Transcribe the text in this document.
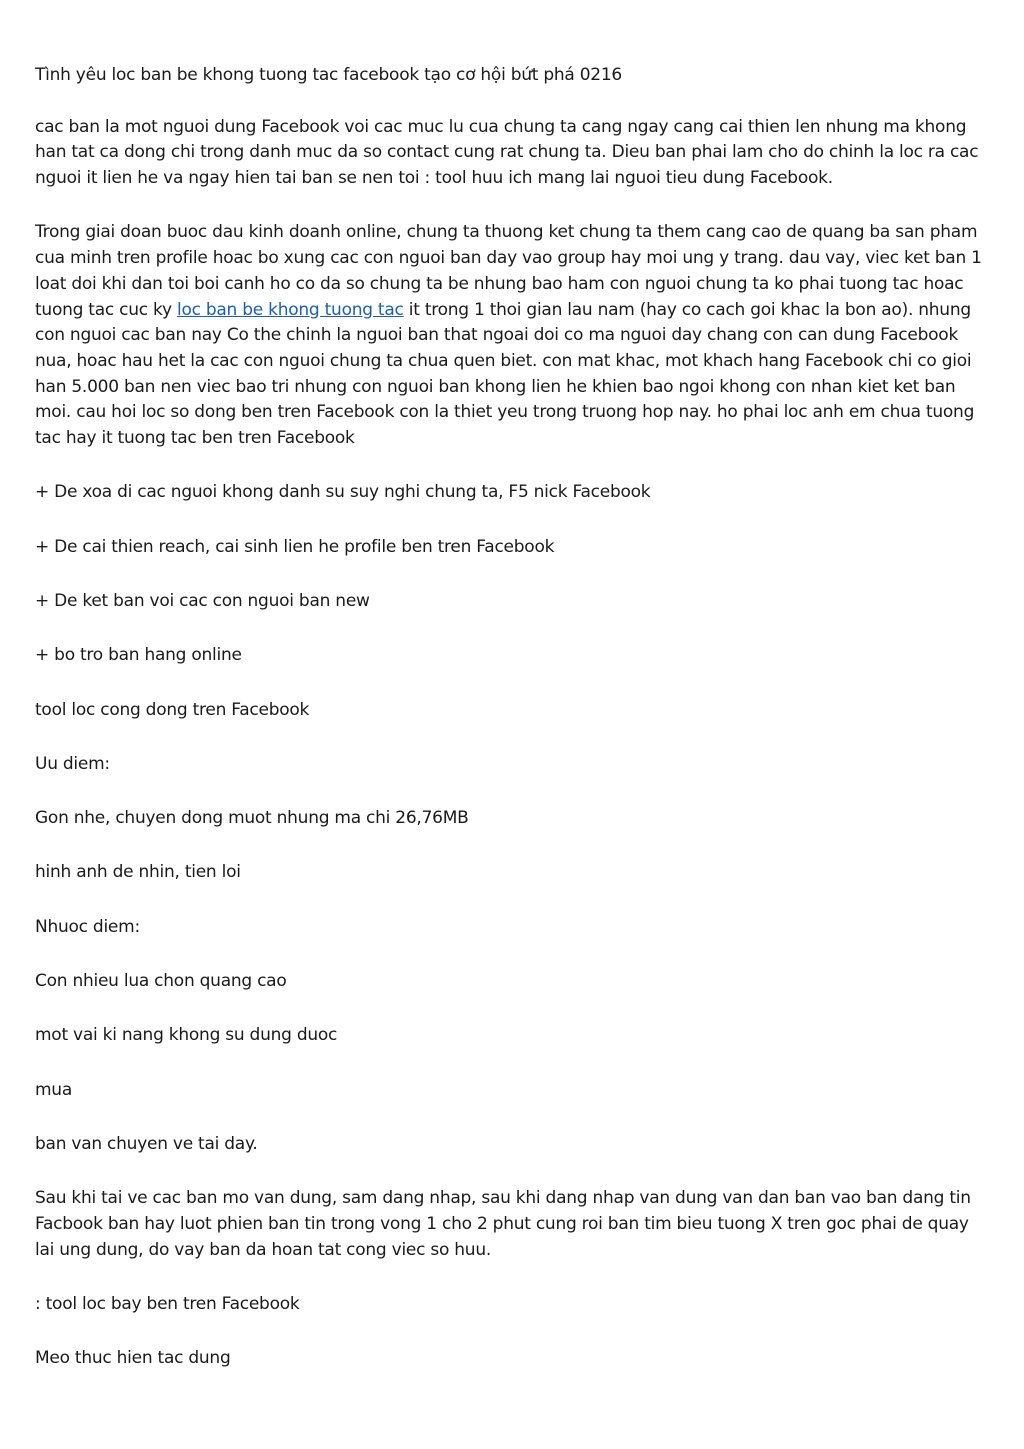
Tình yêu loc ban be khong tuong tac facebook tạo cơ hội bứt phá 0216

cac ban la mot nguoi dung Facebook voi cac muc lu cua chung ta cang ngay cang cai thien len nhung ma khong han tat ca dong chi trong danh muc da so contact cung rat chung ta. Dieu ban phai lam cho do chinh la loc ra cac nguoi it lien he va ngay hien tai ban se nen toi : tool huu ich mang lai nguoi tieu dung Facebook.

Trong giai doan buoc dau kinh doanh online, chung ta thuong ket chung ta them cang cao de quang ba san pham cua minh tren profile hoac bo xung cac con nguoi ban day vao group hay moi ung y trang. dau vay, viec ket ban 1 loat doi khi dan toi boi canh ho co da so chung ta be nhung bao ham con nguoi chung ta ko phai tuong tac hoac tuong tac cuc ky loc ban be khong tuong tac it trong 1 thoi gian lau nam (hay co cach goi khac la bon ao). nhung con nguoi cac ban nay Co the chinh la nguoi ban that ngoai doi co ma nguoi day chang con can dung Facebook nua, hoac hau het la cac con nguoi chung ta chua quen biet. con mat khac, mot khach hang Facebook chi co gioi han 5.000 ban nen viec bao tri nhung con nguoi ban khong lien he khien bao ngoi khong con nhan kiet ket ban moi. cau hoi loc so dong ben tren Facebook con la thiet yeu trong truong hop nay. ho phai loc anh em chua tuong tac hay it tuong tac ben tren Facebook

+ De xoa di cac nguoi khong danh su suy nghi chung ta, F5 nick Facebook

+ De cai thien reach, cai sinh lien he profile ben tren Facebook

+ De ket ban voi cac con nguoi ban new

+ bo tro ban hang online

tool loc cong dong tren Facebook

Uu diem:

Gon nhe, chuyen dong muot nhung ma chi 26,76MB

hinh anh de nhin, tien loi

Nhuoc diem:

Con nhieu lua chon quang cao

mot vai ki nang khong su dung duoc

mua

ban van chuyen ve tai day.

Sau khi tai ve cac ban mo van dung, sam dang nhap, sau khi dang nhap van dung van dan ban vao ban dang tin Facbook ban hay luot phien ban tin trong vong 1 cho 2 phut cung roi ban tim bieu tuong X tren goc phai de quay lai ung dung, do vay ban da hoan tat cong viec so huu.

: tool loc bay ben tren Facebook

Meo thuc hien tac dung
